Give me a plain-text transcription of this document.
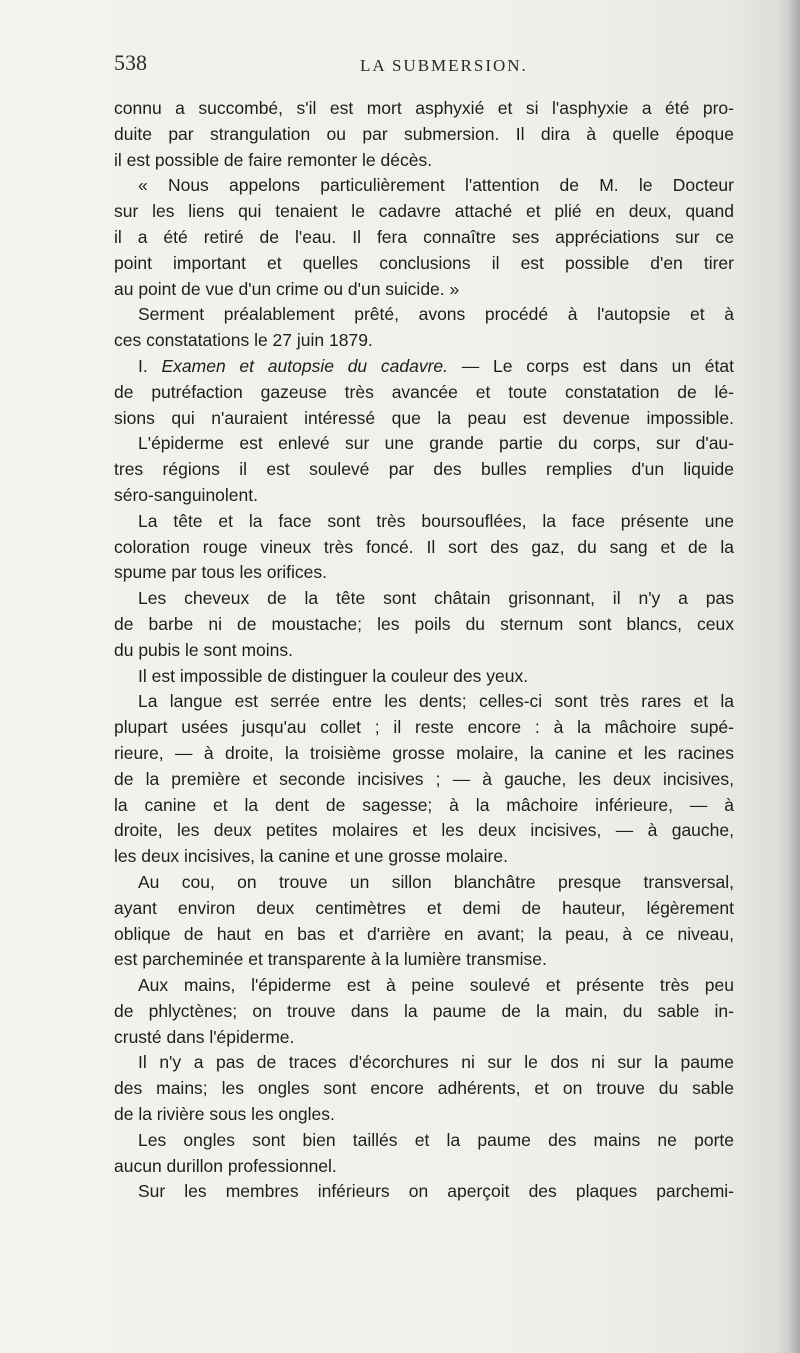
538	LA SUBMERSION.
connu a succombé, s'il est mort asphyxié et si l'asphyxie a été pro-
duite par strangulation ou par submersion. Il dira à quelle époque
il est possible de faire remonter le décès.
« Nous appelons particulièrement l'attention de M. le Docteur
sur les liens qui tenaient le cadavre attaché et plié en deux, quand
il a été retiré de l'eau. Il fera connaître ses appréciations sur ce
point important et quelles conclusions il est possible d'en tirer
au point de vue d'un crime ou d'un suicide. »
Serment préalablement prêté, avons procédé à l'autopsie et à
ces constatations le 27 juin 1879.
I. Examen et autopsie du cadavre. — Le corps est dans un état
de putréfaction gazeuse très avancée et toute constatation de lé-
sions qui n'auraient intéressé que la peau est devenue impossible.
L'épiderme est enlevé sur une grande partie du corps, sur d'au-
tres régions il est soulevé par des bulles remplies d'un liquide
séro-sanguinolent.
La tête et la face sont très boursouflées, la face présente une
coloration rouge vineux très foncé. Il sort des gaz, du sang et de la
spume par tous les orifices.
Les cheveux de la tête sont châtain grisonnant, il n'y a pas
de barbe ni de moustache; les poils du sternum sont blancs, ceux
du pubis le sont moins.
Il est impossible de distinguer la couleur des yeux.
La langue est serrée entre les dents; celles-ci sont très rares et la
plupart usées jusqu'au collet ; il reste encore : à la mâchoire supé-
rieure, — à droite, la troisième grosse molaire, la canine et les racines
de la première et seconde incisives ; — à gauche, les deux incisives,
la canine et la dent de sagesse; à la mâchoire inférieure, — à
droite, les deux petites molaires et les deux incisives, — à gauche,
les deux incisives, la canine et une grosse molaire.
Au cou, on trouve un sillon blanchâtre presque transversal,
ayant environ deux centimètres et demi de hauteur, légèrement
oblique de haut en bas et d'arrière en avant; la peau, à ce niveau,
est parcheminée et transparente à la lumière transmise.
Aux mains, l'épiderme est à peine soulevé et présente très peu
de phlyctènes; on trouve dans la paume de la main, du sable in-
crusté dans l'épiderme.
Il n'y a pas de traces d'écorchures ni sur le dos ni sur la paume
des mains; les ongles sont encore adhérents, et on trouve du sable
de la rivière sous les ongles.
Les ongles sont bien taillés et la paume des mains ne porte
aucun durillon professionnel.
Sur les membres inférieurs on aperçoit des plaques parchemi-
